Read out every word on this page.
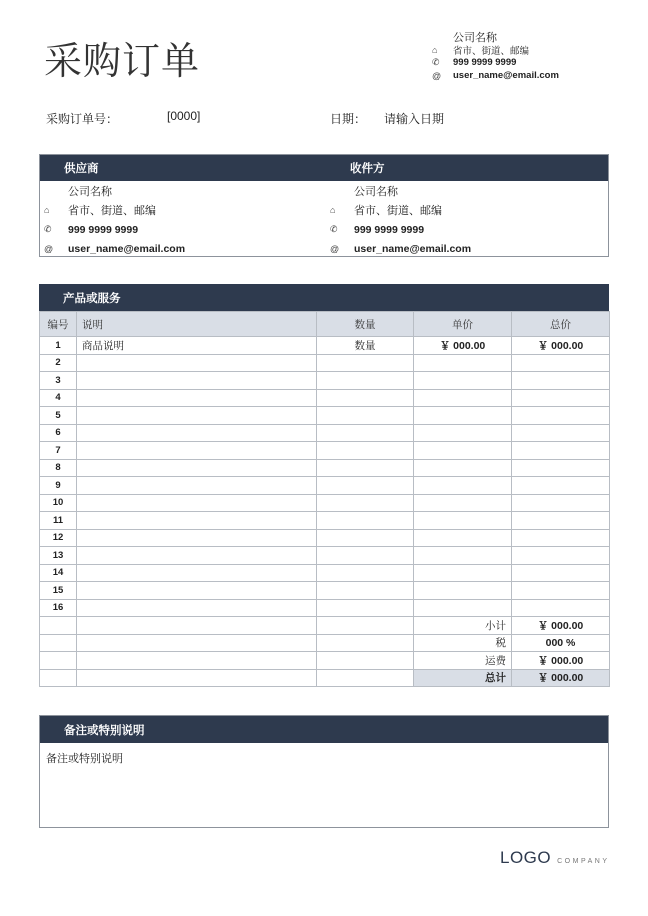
采购订单
公司名称
⌂	省市、街道、邮编
✆	999 9999 9999
@	user_name@email.com
采购订单号：	[0000]	日期： 请输入日期
供应商	收件方
公司名称
⌂	省市、街道、邮编
✆	999 9999 9999
@	user_name@email.com
公司名称
⌂	省市、街道、邮编
✆	999 9999 9999
@	user_name@email.com
产品或服务
编号	说明	数量	单价	总价
1	商品说明	数量	￥ 000.00	￥ 000.00
2				
3				
4				
5				
6				
7				
8				
9				
10				
11				
12				
13				
14				
15				
16				
			小计	￥ 000.00
			税	000 %
			运费	￥ 000.00
			总计	￥ 000.00
备注或特别说明
备注或特别说明
LOGO COMPANY
